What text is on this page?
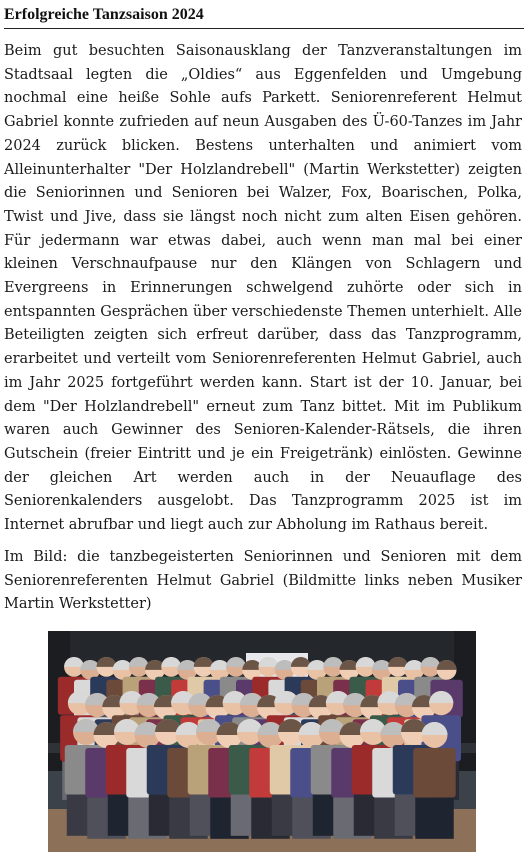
Erfolgreiche Tanzsaison 2024

Beim gut besuchten Saisonausklang der Tanzveranstaltungen im Stadtsaal legten die „Oldies“ aus Eggenfelden und Umgebung nochmal eine heiße Sohle aufs Parkett. Seniorenreferent Helmut Gabriel konnte zufrieden auf neun Ausgaben des Ü-60-Tanzes im Jahr 2024 zurück blicken. Bestens unterhalten und animiert vom Alleinunterhalter "Der Holzlandrebell" (Martin Werkstetter) zeigten die Seniorinnen und Senioren bei Walzer, Fox, Boarischen, Polka, Twist und Jive, dass sie längst noch nicht zum alten Eisen gehören. Für jedermann war etwas dabei, auch wenn man mal bei einer kleinen Verschnaufpause nur den Klängen von Schlagern und Evergreens in Erinnerungen schwelgend zuhörte oder sich in entspannten Gesprächen über verschiedenste Themen unterhielt. Alle Beteiligten zeigten sich erfreut darüber, dass das Tanzprogramm, erarbeitet und verteilt vom Seniorenreferenten Helmut Gabriel, auch im Jahr 2025 fortgeführt werden kann. Start ist der 10. Januar, bei dem "Der Holzlandrebell" erneut zum Tanz bittet. Mit im Publikum waren auch Gewinner des Senioren-Kalender-Rätsels, die ihren Gutschein (freier Eintritt und je ein Freigetränk) einlösten. Gewinne der gleichen Art werden auch in der Neuauflage des Seniorenkalenders ausgelobt. Das Tanzprogramm 2025 ist im Internet abrufbar und liegt auch zur Abholung im Rathaus bereit.

Im Bild: die tanzbegeisterten Seniorinnen und Senioren mit dem Seniorenreferenten Helmut Gabriel (Bildmitte links neben Musiker Martin Werkstetter)
